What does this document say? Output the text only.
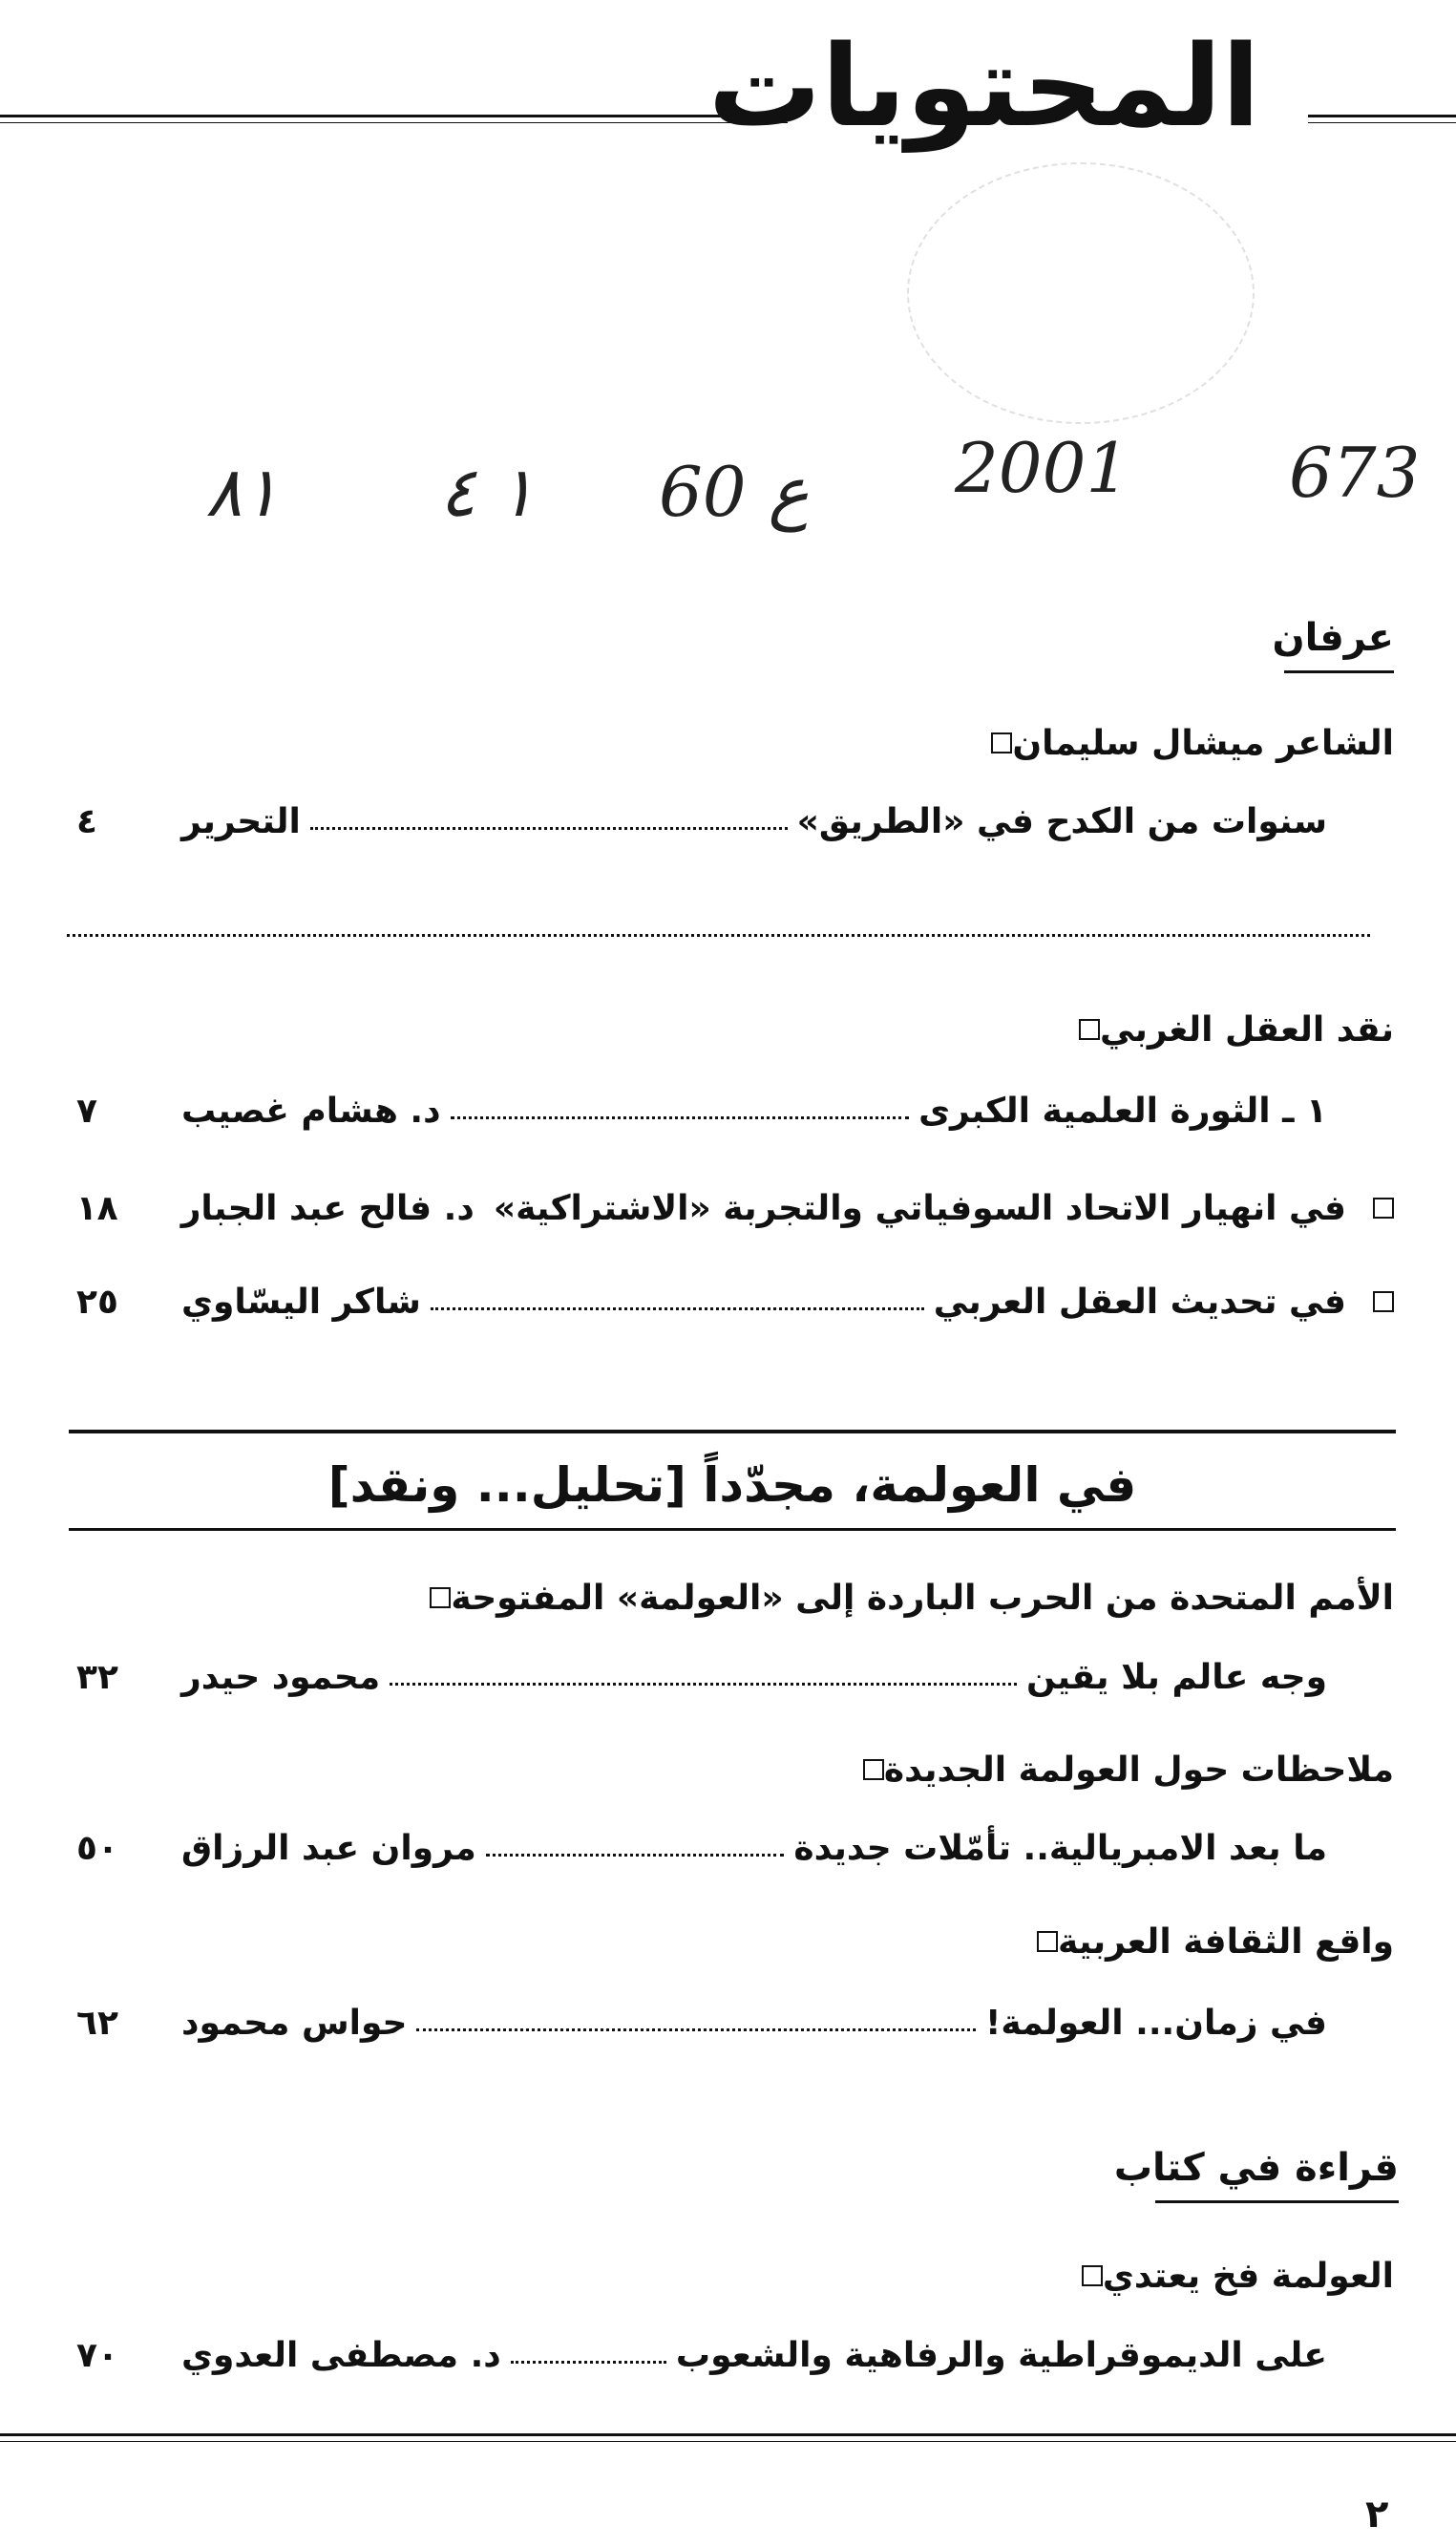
المحتويات
673
2001
60 ع
١ ٤
٨١
عرفان
الشاعر ميشال سليمان
سنوات من الكدح في «الطريق»
التحرير
٤
نقد العقل الغربي
١ ـ الثورة العلمية الكبرى
د. هشام غصيب
٧
في انهيار الاتحاد السوفياتي والتجربة «الاشتراكية»
د. فالح عبد الجبار
١٨
في تحديث العقل العربي
شاكر اليسّاوي
٢٥
في العولمة، مجدّداً [تحليل... ونقد]
الأمم المتحدة من الحرب الباردة إلى «العولمة» المفتوحة
وجه عالم بلا يقين
محمود حيدر
٣٢
ملاحظات حول العولمة الجديدة
ما بعد الامبريالية.. تأمّلات جديدة
مروان عبد الرزاق
٥٠
واقع الثقافة العربية
في زمان... العولمة!
حواس محمود
٦٢
قراءة في كتاب
العولمة فخ يعتدي
على الديموقراطية والرفاهية والشعوب
د. مصطفى العدوي
٧٠
٢
